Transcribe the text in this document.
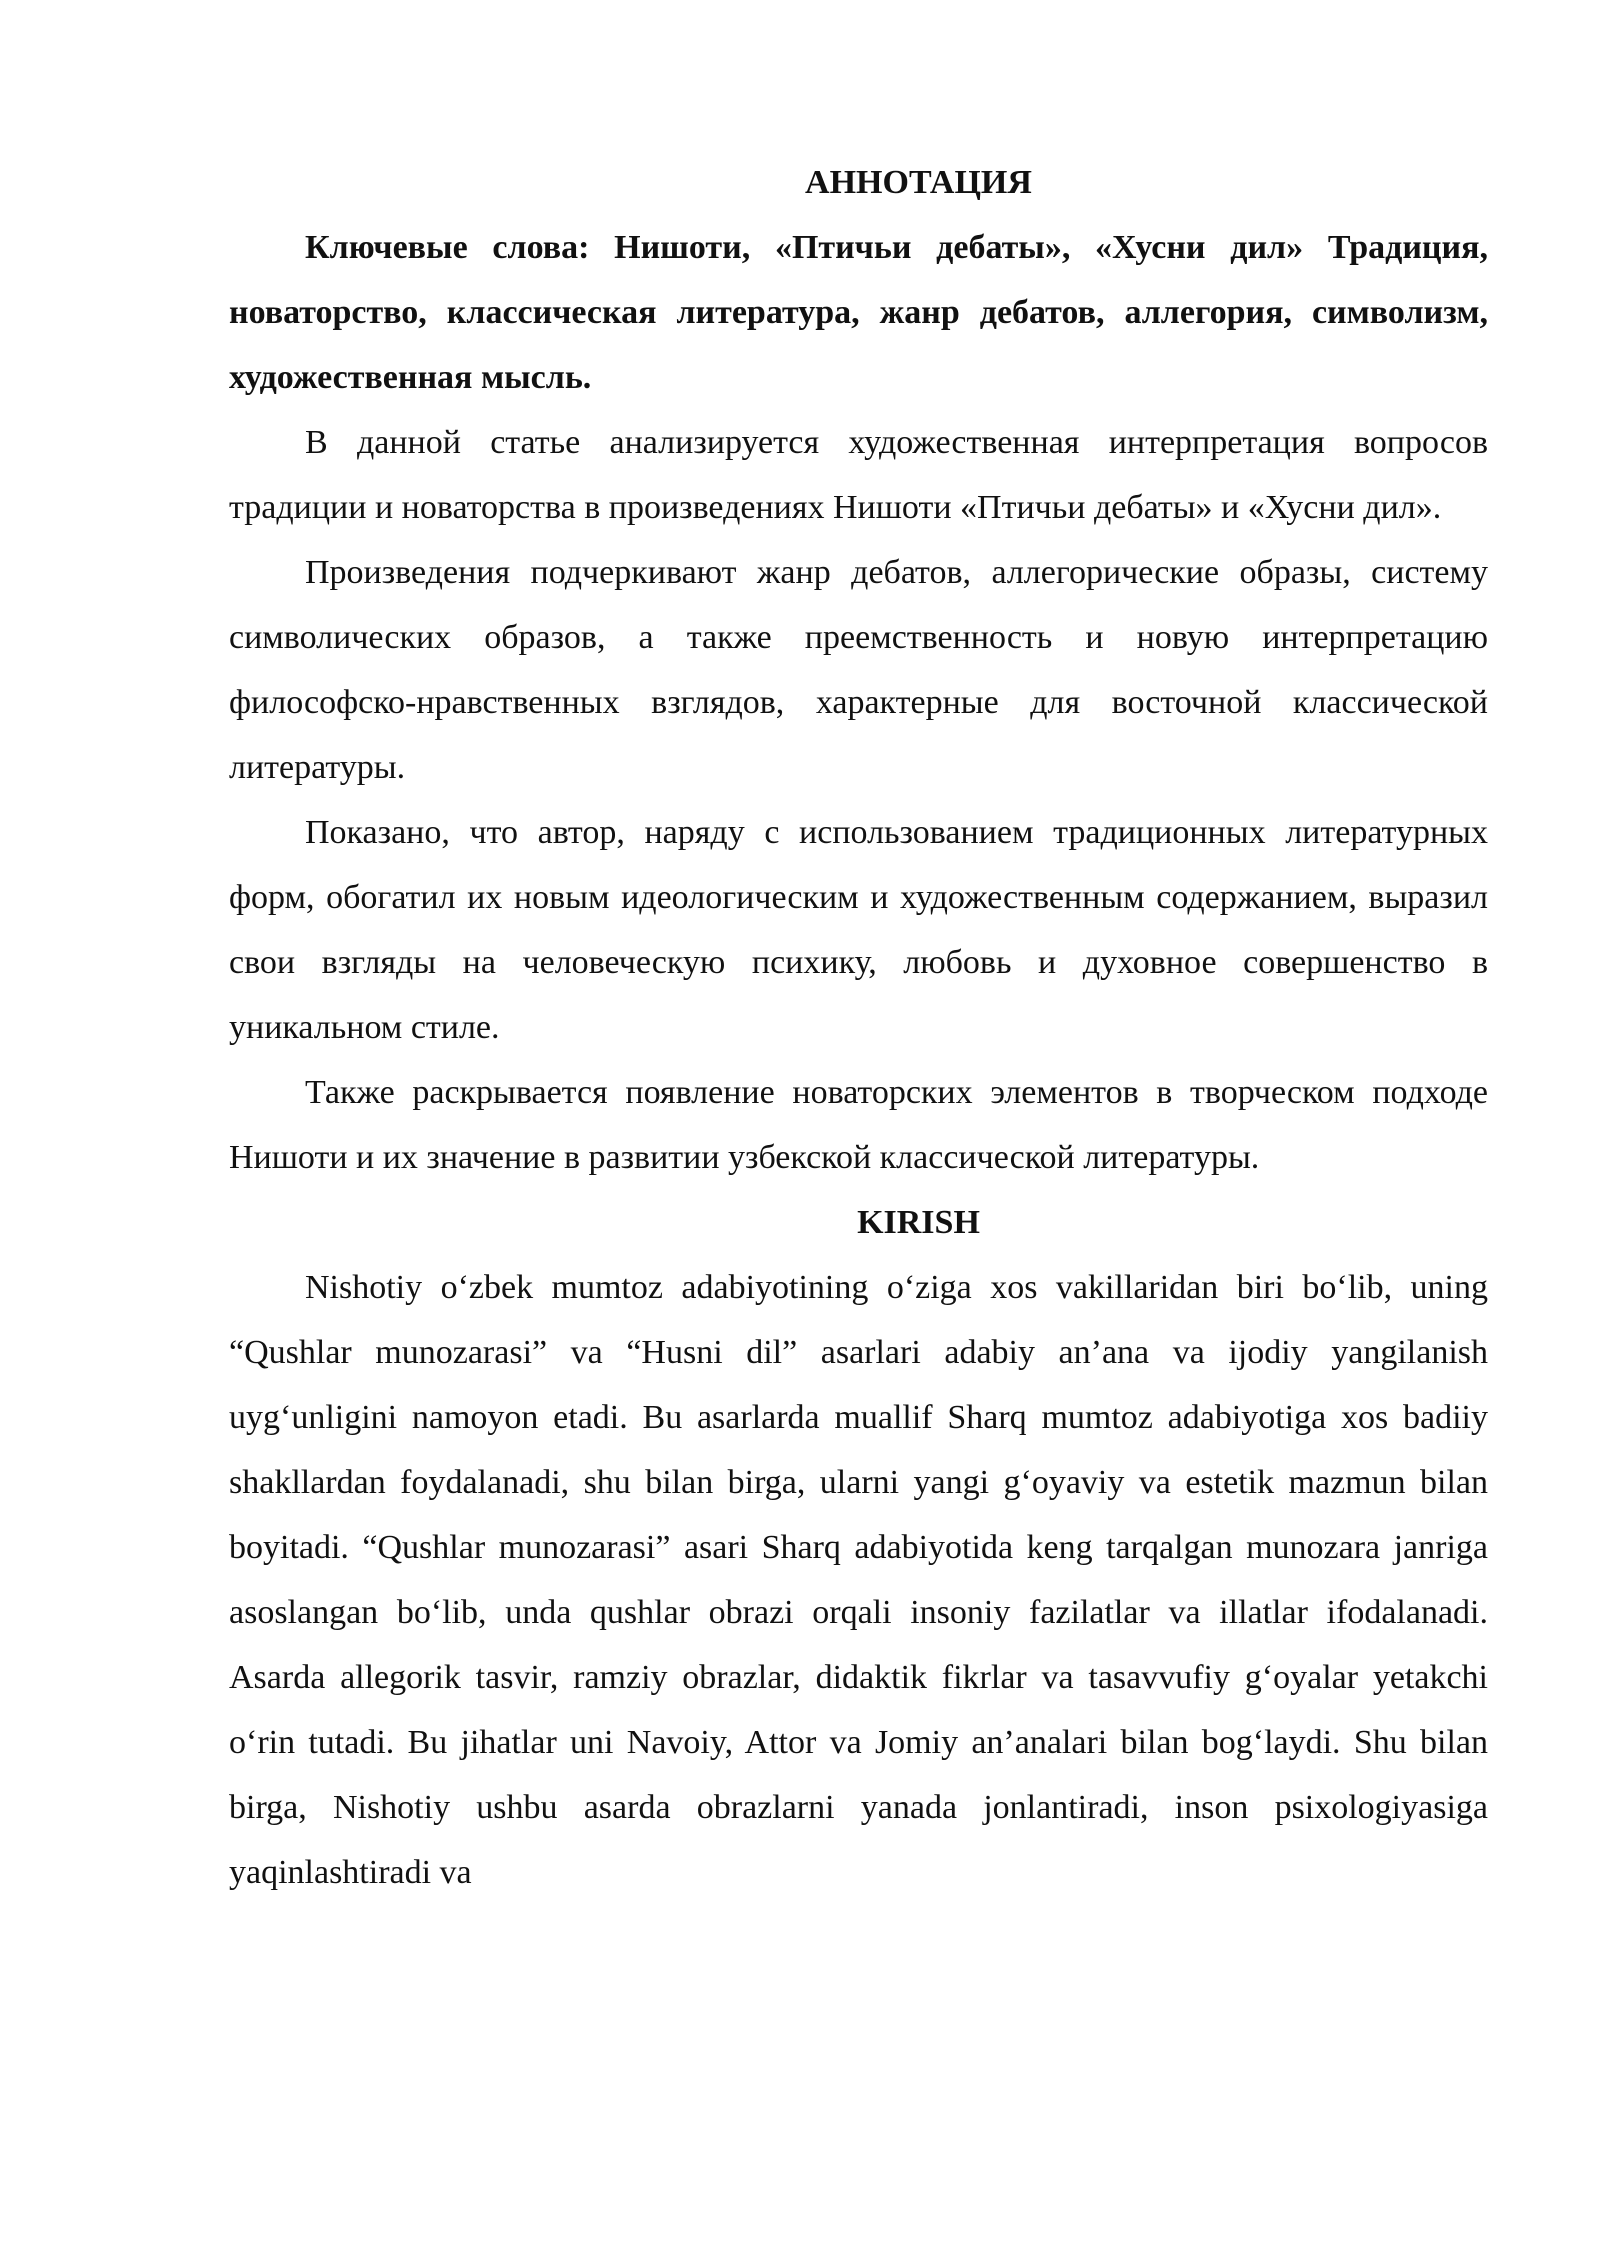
АННОТАЦИЯ

Ключевые слова: Нишоти, «Птичьи дебаты», «Хусни дил» Традиция, новаторство, классическая литература, жанр дебатов, аллегория, символизм, художественная мысль.

В данной статье анализируется художественная интерпретация вопросов традиции и новаторства в произведениях Нишоти «Птичьи дебаты» и «Хусни дил».

Произведения подчеркивают жанр дебатов, аллегорические образы, систему символических образов, а также преемственность и новую интерпретацию философско-нравственных взглядов, характерные для восточной классической литературы.

Показано, что автор, наряду с использованием традиционных литературных форм, обогатил их новым идеологическим и художественным содержанием, выразил свои взгляды на человеческую психику, любовь и духовное совершенство в уникальном стиле.

Также раскрывается появление новаторских элементов в творческом подходе Нишоти и их значение в развитии узбекской классической литературы.

KIRISH

Nishotiy o‘zbek mumtoz adabiyotining o‘ziga xos vakillaridan biri bo‘lib, uning “Qushlar munozarasi” va “Husni dil” asarlari adabiy an’ana va ijodiy yangilanish uyg‘unligini namoyon etadi. Bu asarlarda muallif Sharq mumtoz adabiyotiga xos badiiy shakllardan foydalanadi, shu bilan birga, ularni yangi g‘oyaviy va estetik mazmun bilan boyitadi. “Qushlar munozarasi” asari Sharq adabiyotida keng tarqalgan munozara janriga asoslangan bo‘lib, unda qushlar obrazi orqali insoniy fazilatlar va illatlar ifodalanadi. Asarda allegorik tasvir, ramziy obrazlar, didaktik fikrlar va tasavvufiy g‘oyalar yetakchi o‘rin tutadi. Bu jihatlar uni Navoiy, Attor va Jomiy an’analari bilan bog‘laydi. Shu bilan birga, Nishotiy ushbu asarda obrazlarni yanada jonlantiradi, inson psixologiyasiga yaqinlashtiradi va
